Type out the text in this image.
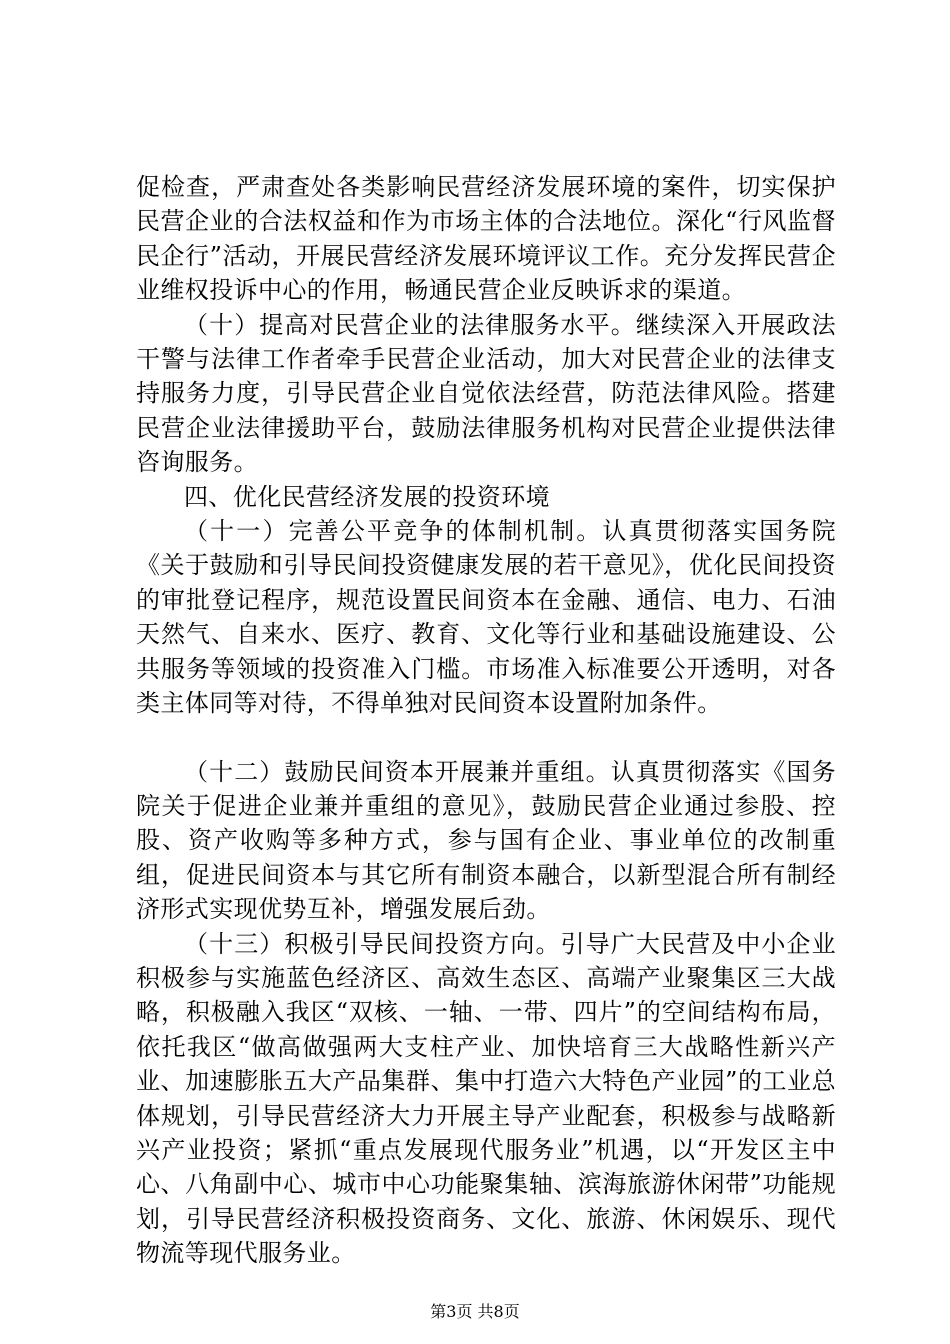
促检查，严肃查处各类影响民营经济发展环境的案件，切实保护民营企业的合法权益和作为市场主体的合法地位。深化“行风监督民企行”活动，开展民营经济发展环境评议工作。充分发挥民营企业维权投诉中心的作用，畅通民营企业反映诉求的渠道。

（十）提高对民营企业的法律服务水平。继续深入开展政法干警与法律工作者牵手民营企业活动，加大对民营企业的法律支持服务力度，引导民营企业自觉依法经营，防范法律风险。搭建民营企业法律援助平台，鼓励法律服务机构对民营企业提供法律咨询服务。

四、优化民营经济发展的投资环境

（十一）完善公平竞争的体制机制。认真贯彻落实国务院《关于鼓励和引导民间投资健康发展的若干意见》，优化民间投资的审批登记程序，规范设置民间资本在金融、通信、电力、石油天然气、自来水、医疗、教育、文化等行业和基础设施建设、公共服务等领域的投资准入门槛。市场准入标准要公开透明，对各类主体同等对待，不得单独对民间资本设置附加条件。

（十二）鼓励民间资本开展兼并重组。认真贯彻落实《国务院关于促进企业兼并重组的意见》，鼓励民营企业通过参股、控股、资产收购等多种方式，参与国有企业、事业单位的改制重组，促进民间资本与其它所有制资本融合，以新型混合所有制经济形式实现优势互补，增强发展后劲。

（十三）积极引导民间投资方向。引导广大民营及中小企业积极参与实施蓝色经济区、高效生态区、高端产业聚集区三大战略，积极融入我区“双核、一轴、一带、四片”的空间结构布局，依托我区“做高做强两大支柱产业、加快培育三大战略性新兴产业、加速膨胀五大产品集群、集中打造六大特色产业园”的工业总体规划，引导民营经济大力开展主导产业配套，积极参与战略新兴产业投资；紧抓“重点发展现代服务业”机遇，以“开发区主中心、八角副中心、城市中心功能聚集轴、滨海旅游休闲带”功能规划，引导民营经济积极投资商务、文化、旅游、休闲娱乐、现代物流等现代服务业。

第3页 共8页
